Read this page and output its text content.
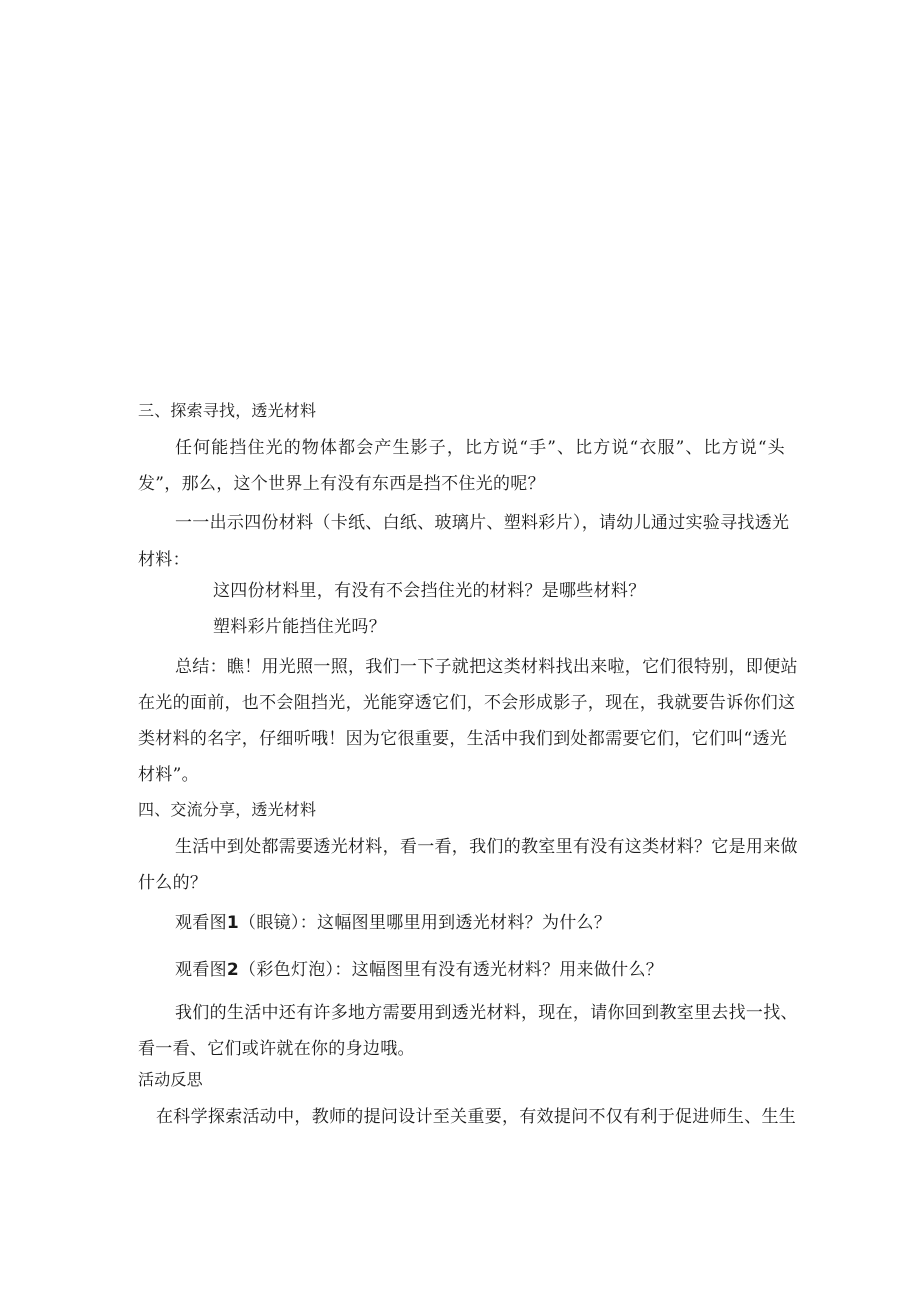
三、探索寻找，透光材料
任何能挡住光的物体都会产生影子，比方说“手”、比方说“衣服”、比方说“头
发”，那么，这个世界上有没有东西是挡不住光的呢？
一一出示四份材料（卡纸、白纸、玻璃片、塑料彩片），请幼儿通过实验寻找透光
材料：
这四份材料里，有没有不会挡住光的材料？是哪些材料？
塑料彩片能挡住光吗？
总结：瞧！用光照一照，我们一下子就把这类材料找出来啦，它们很特别，即便站
在光的面前，也不会阻挡光，光能穿透它们，不会形成影子，现在，我就要告诉你们这
类材料的名字，仔细听哦！因为它很重要，生活中我们到处都需要它们，它们叫“透光
材料”。
四、交流分享，透光材料
生活中到处都需要透光材料，看一看，我们的教室里有没有这类材料？它是用来做
什么的？
观看图1（眼镜）：这幅图里哪里用到透光材料？为什么？
观看图2（彩色灯泡）：这幅图里有没有透光材料？用来做什么？
我们的生活中还有许多地方需要用到透光材料，现在，请你回到教室里去找一找、
看一看、它们或许就在你的身边哦。
活动反思
在科学探索活动中，教师的提问设计至关重要，有效提问不仅有利于促进师生、生生
